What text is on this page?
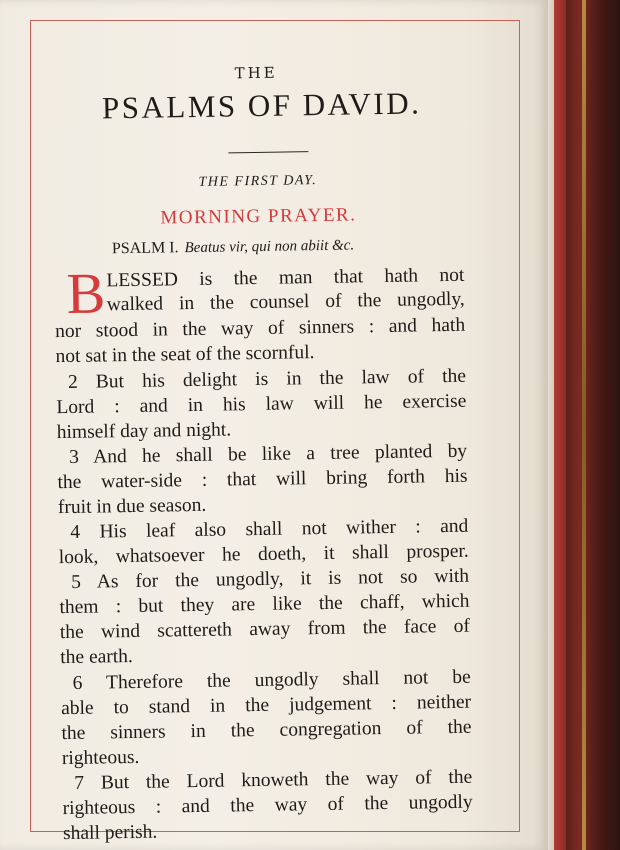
THE
PSALMS OF DAVID.
THE FIRST DAY.
MORNING PRAYER.
PSALM I. Beatus vir, qui non abiit &c.
B LESSED is the man that hath not
walked in the counsel of the ungodly,
nor stood in the way of sinners : and hath
not sat in the seat of the scornful.
2 But his delight is in the law of the
Lord : and in his law will he exercise
himself day and night.
3 And he shall be like a tree planted by
the water-side : that will bring forth his
fruit in due season.
4 His leaf also shall not wither : and
look, whatsoever he doeth, it shall prosper.
5 As for the ungodly, it is not so with
them : but they are like the chaff, which
the wind scattereth away from the face of
the earth.
6 Therefore the ungodly shall not be
able to stand in the judgement : neither
the sinners in the congregation of the
righteous.
7 But the Lord knoweth the way of the
righteous : and the way of the ungodly
shall perish.
